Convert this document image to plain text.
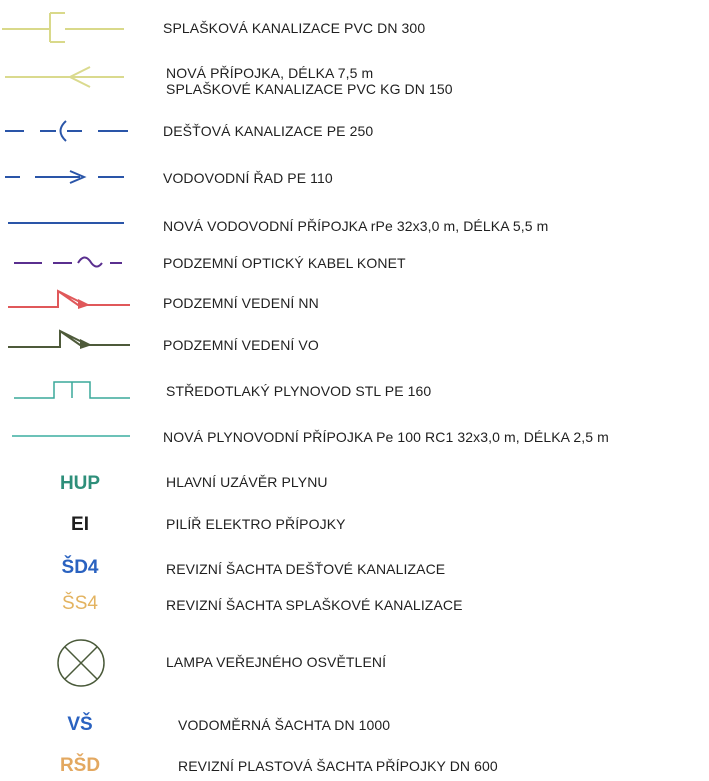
SPLAŠKOVÁ KANALIZACE PVC DN 300
NOVÁ PŘÍPOJKA, DÉLKA 7,5 m
SPLAŠKOVÉ KANALIZACE PVC KG DN 150
DEŠŤOVÁ KANALIZACE PE 250
VODOVODNÍ ŘAD PE 110
NOVÁ VODOVODNÍ PŘÍPOJKA rPe 32x3,0 m, DÉLKA 5,5 m
PODZEMNÍ OPTICKÝ KABEL KONET
PODZEMNÍ VEDENÍ NN
PODZEMNÍ VEDENÍ VO
STŘEDOTLAKÝ PLYNOVOD STL PE 160
NOVÁ PLYNOVODNÍ PŘÍPOJKA Pe 100 RC1 32x3,0 m, DÉLKA 2,5 m
HUP	HLAVNÍ UZÁVĚR PLYNU
EI	PILÍŘ ELEKTRO PŘÍPOJKY
ŠD4	REVIZNÍ ŠACHTA DEŠŤOVÉ KANALIZACE
ŠS4	REVIZNÍ ŠACHTA SPLAŠKOVÉ KANALIZACE
LAMPA VEŘEJNÉHO OSVĚTLENÍ
VŠ	VODOMĚRNÁ ŠACHTA DN 1000
RŠD	REVIZNÍ PLASTOVÁ ŠACHTA PŘÍPOJKY DN 600
